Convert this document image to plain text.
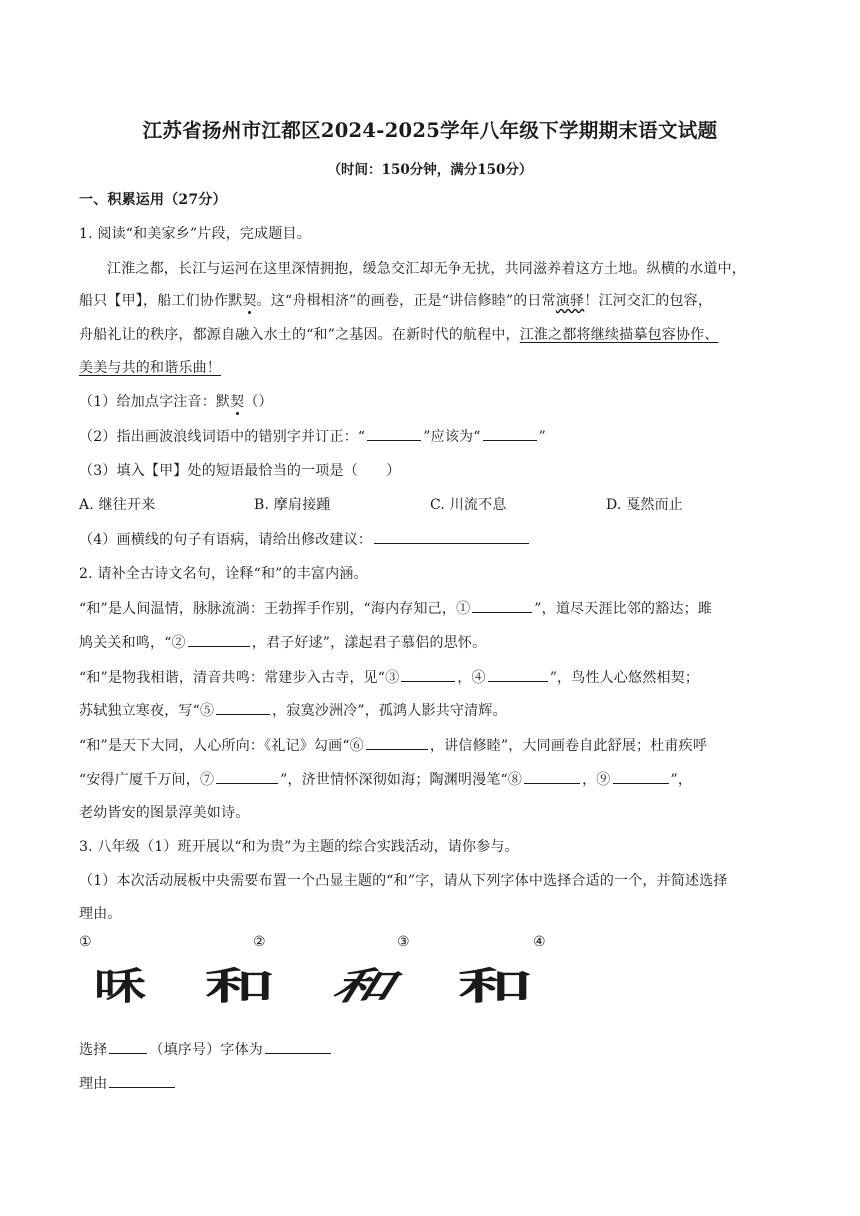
江苏省扬州市江都区2024-2025学年八年级下学期期末语文试题
（时间：150分钟，满分150分）
一、积累运用（27分）
1. 阅读“和美家乡”片段，完成题目。
江淮之都，长江与运河在这里深情拥抱，缓急交汇却无争无扰，共同滋养着这方土地。纵横的水道中，
船只【甲】，船工们协作默契。这“舟楫相济”的画卷，正是“讲信修睦”的日常演驿！江河交汇的包容，
舟船礼让的秩序，都源自融入水土的“和”之基因。在新时代的航程中，江淮之都将继续描摹包容协作、
美美与共的和谐乐曲！
（1）给加点字注音：默契（）
（2）指出画波浪线词语中的错别字并订正：“	”应该为“	”
（3）填入【甲】处的短语最恰当的一项是（　　）
A. 继往开来	B. 摩肩接踵	C. 川流不息	D. 戛然而止
（4）画横线的句子有语病，请给出修改建议：
2. 请补全古诗文名句，诠释“和”的丰富内涵。
“和”是人间温情，脉脉流淌：王勃挥手作别，“海内存知己，①	”，道尽天涯比邻的豁达；雎
鸠关关和鸣，“②	，君子好逑”，漾起君子慕侣的思怀。
“和”是物我相谐，清音共鸣：常建步入古寺，见“③	，④	”，鸟性人心悠然相契；
苏轼独立寒夜，写“⑤	，寂寞沙洲冷”，孤鸿人影共守清辉。
“和”是天下大同，人心所向：《礼记》勾画“⑥	，讲信修睦”，大同画卷自此舒展；杜甫疾呼
“安得广厦千万间，⑦	”，济世情怀深彻如海；陶渊明漫笔“⑧	，⑨	”，
老幼皆安的图景淳美如诗。
3. 八年级（1）班开展以“和为贵”为主题的综合实践活动，请你参与。
（1）本次活动展板中央需要布置一个凸显主题的“和”字，请从下列字体中选择合适的一个，并简述选择
理由。
①	②	③	④
咊 和 和 和
选择	（填序号）字体为
理由
